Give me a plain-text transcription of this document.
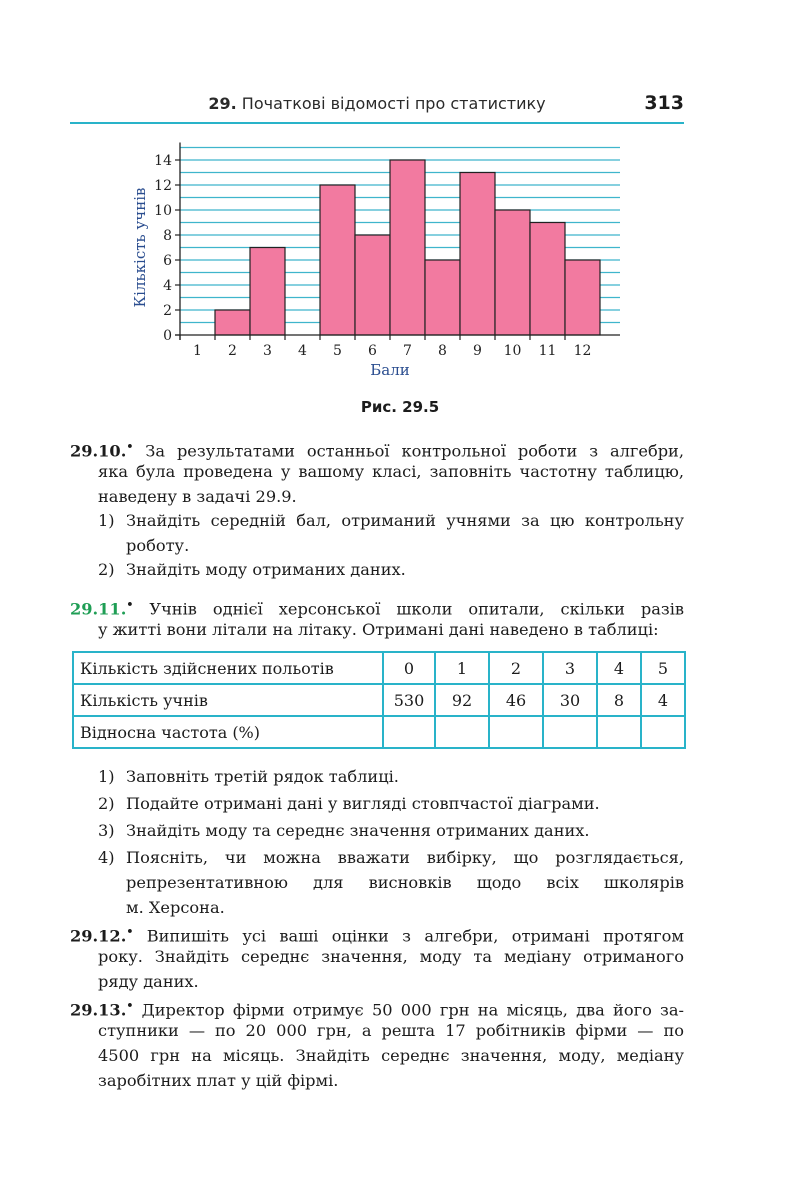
29. Початкові відомості про статистику	313
0
2
4
6
8
10
12
14
1 2 3 4 5 6 7 8 9 10 11 12
Кількість учнів
Бали
Рис. 29.5
29.10.• За результатами останньої контрольної роботи з алгебри,
яка була проведена у вашому класі, заповніть частотну таблицю,
наведену в задачі 29.9.
1) Знайдіть середній бал, отриманий учнями за цю контрольну
роботу.
2) Знайдіть моду отриманих даних.
29.11.• Учнів однієї херсонської школи опитали, скільки разів
у житті вони літали на літаку. Отримані дані наведено в таблиці:
Кількість здійснених польотів	0	1	2	3	4	5
Кількість учнів	530	92	46	30	8	4
Відносна частота (%)						
1) Заповніть третій рядок таблиці.
2) Подайте отримані дані у вигляді стовпчастої діаграми.
3) Знайдіть моду та середнє значення отриманих даних.
4) Поясніть, чи можна вважати вибірку, що розглядається,
репрезентативною для висновків щодо всіх школярів
м. Херсона.
29.12.• Випишіть усі ваші оцінки з алгебри, отримані протягом
року. Знайдіть середнє значення, моду та медіану отриманого
ряду даних.
29.13.• Директор фірми отримує 50 000 грн на місяць, два його за-
ступники — по 20 000 грн, а решта 17 робітників фірми — по
4500 грн на місяць. Знайдіть середнє значення, моду, медіану
заробітних плат у цій фірмі.
